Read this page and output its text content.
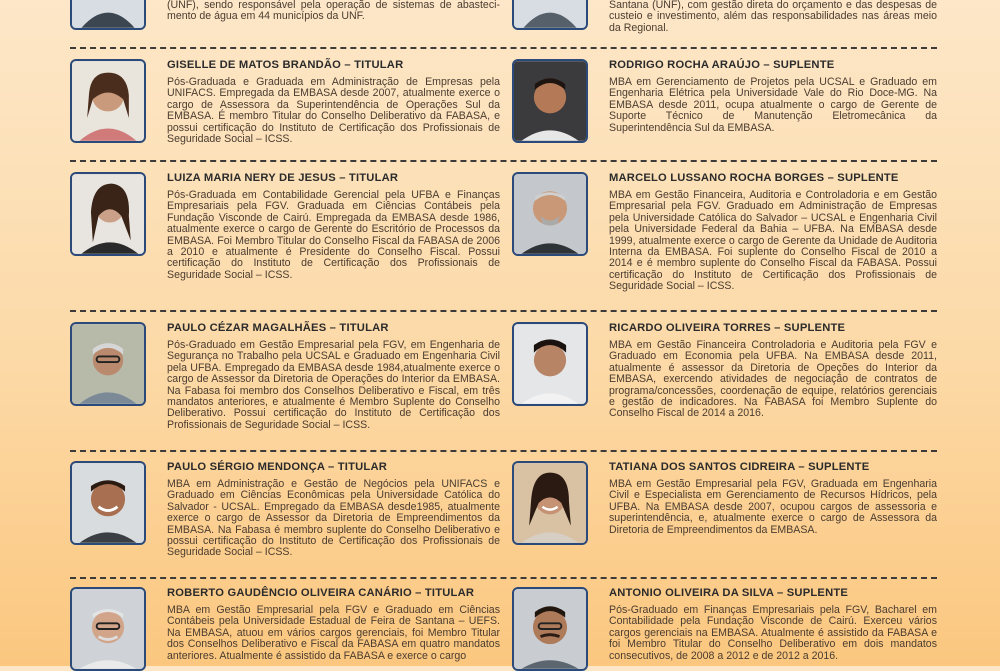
(UNF), sendo responsável pela operação de sistemas de abasteci-mento de água em 44 municípios da UNF.

Santana (UNF), com gestão direta do orçamento e das despesas de custeio e investimento, além das responsabilidades nas áreas meio da Regional.

GISELLE DE MATOS BRANDÃO – TITULAR

Pós-Graduada e Graduada em Administração de Empresas pela UNIFACS. Empregada da EMBASA desde 2007, atualmente exerce o cargo de Assessora da Superintendência de Operações Sul da EMBASA. É membro Titular do Conselho Deliberativo da FABASA, e possui certificação do Instituto de Certificação dos Profissionais de Seguridade Social – ICSS.

LUIZA MARIA NERY DE JESUS – TITULAR

Pós-Graduada em Contabilidade Gerencial pela UFBA e Finanças Empresariais pela FGV. Graduada em Ciências Contábeis pela Fundação Visconde de Cairú. Empregada da EMBASA desde 1986, atualmente exerce o cargo de Gerente do Escritório de Processos da EMBASA. Foi Membro Titular do Conselho Fiscal da FABASA de 2006 a 2010 e atualmente é Presidente do Conselho Fiscal. Possui certificação do Instituto de Certificação dos Profissionais de Seguridade Social – ICSS.

PAULO CÉZAR MAGALHÃES – TITULAR

Pós-Graduado em Gestão Empresarial pela FGV, em Engenharia de Segurança no Trabalho pela UCSAL e Graduado em Engenharia Civil pela UFBA. Empregado da EMBASA desde 1984,atualmente exerce o cargo de Assessor da Diretoria de Operações do Interior da EMBASA. Na Fabasa foi membro dos Conselhos Deliberativo e Fiscal, em três mandatos anteriores, e atualmente é Membro Suplente do Conselho Deliberativo. Possui certificação do Instituto de Certificação dos Profissionais de Seguridade Social – ICSS.

PAULO SÉRGIO MENDONÇA – TITULAR

MBA em Administração e Gestão de Negócios pela UNIFACS e Graduado em Ciências Econômicas pela Universidade Católica do Salvador - UCSAL. Empregado da EMBASA desde1985, atualmente exerce o cargo de Assessor da Diretoria de Empreendimentos da EMBASA. Na Fabasa é membro suplente do Conselho Deliberativo e possui certificação do Instituto de Certificação dos Profissionais de Seguridade Social – ICSS.

ROBERTO GAUDÊNCIO OLIVEIRA CANÁRIO – TITULAR

MBA em Gestão Empresarial pela FGV e Graduado em Ciências Contábeis pela Universidade Estadual de Feira de Santana – UEFS. Na EMBASA, atuou em vários cargos gerenciais, foi Membro Titular dos Conselhos Deliberativo e Fiscal da FABASA em quatro mandatos anteriores. Atualmente é assistido da FABASA e exerce o cargo

RODRIGO ROCHA ARAÚJO – SUPLENTE

MBA em Gerenciamento de Projetos pela UCSAL e Graduado em Engenharia Elétrica pela Universidade Vale do Rio Doce-MG. Na EMBASA desde 2011, ocupa atualmente o cargo de Gerente de Suporte Técnico de Manutenção Eletromecânica da Superintendência Sul da EMBASA.

MARCELO LUSSANO ROCHA BORGES – SUPLENTE

MBA em Gestão Financeira, Auditoria e Controladoria e em Gestão Empresarial pela FGV. Graduado em Administração de Empresas pela Universidade Católica do Salvador – UCSAL e Engenharia Civil pela Universidade Federal da Bahia – UFBA. Na EMBASA desde 1999, atualmente exerce o cargo de Gerente da Unidade de Auditoria Interna da EMBASA. Foi suplente do Conselho Fiscal de 2010 a 2014 e é membro suplente do Conselho Fiscal da FABASA. Possui certificação do Instituto de Certificação dos Profissionais de Seguridade Social – ICSS.

RICARDO OLIVEIRA TORRES – SUPLENTE

MBA em Gestão Financeira Controladoria e Auditoria pela FGV e Graduado em Economia pela UFBA. Na EMBASA desde 2011, atualmente é assessor da Diretoria de Opeções do Interior da EMBASA, exercendo atividades de negociação de contratos de programa/concessões, coordenação de equipe, relatórios gerenciais e gestão de indicadores. Na FABASA foi Membro Suplente do Conselho Fiscal de 2014 a 2016.

TATIANA DOS SANTOS CIDREIRA – SUPLENTE

MBA em Gestão Empresarial pela FGV, Graduada em Engenharia Civil e Especialista em Gerenciamento de Recursos Hídricos, pela UFBA. Na EMBASA desde 2007, ocupou cargos de assessoria e superintendência, e, atualmente exerce o cargo de Assessora da Diretoria de Empreendimentos da EMBASA.

ANTONIO OLIVEIRA DA SILVA – SUPLENTE

Pós-Graduado em Finanças Empresariais pela FGV, Bacharel em Contabilidade pela Fundação Visconde de Cairú. Exerceu vários cargos gerenciais na EMBASA. Atualmente é assistido da FABASA e foi Membro Titular do Conselho Deliberativo em dois mandatos consecutivos, de 2008 a 2012 e de 2012 a 2016.
